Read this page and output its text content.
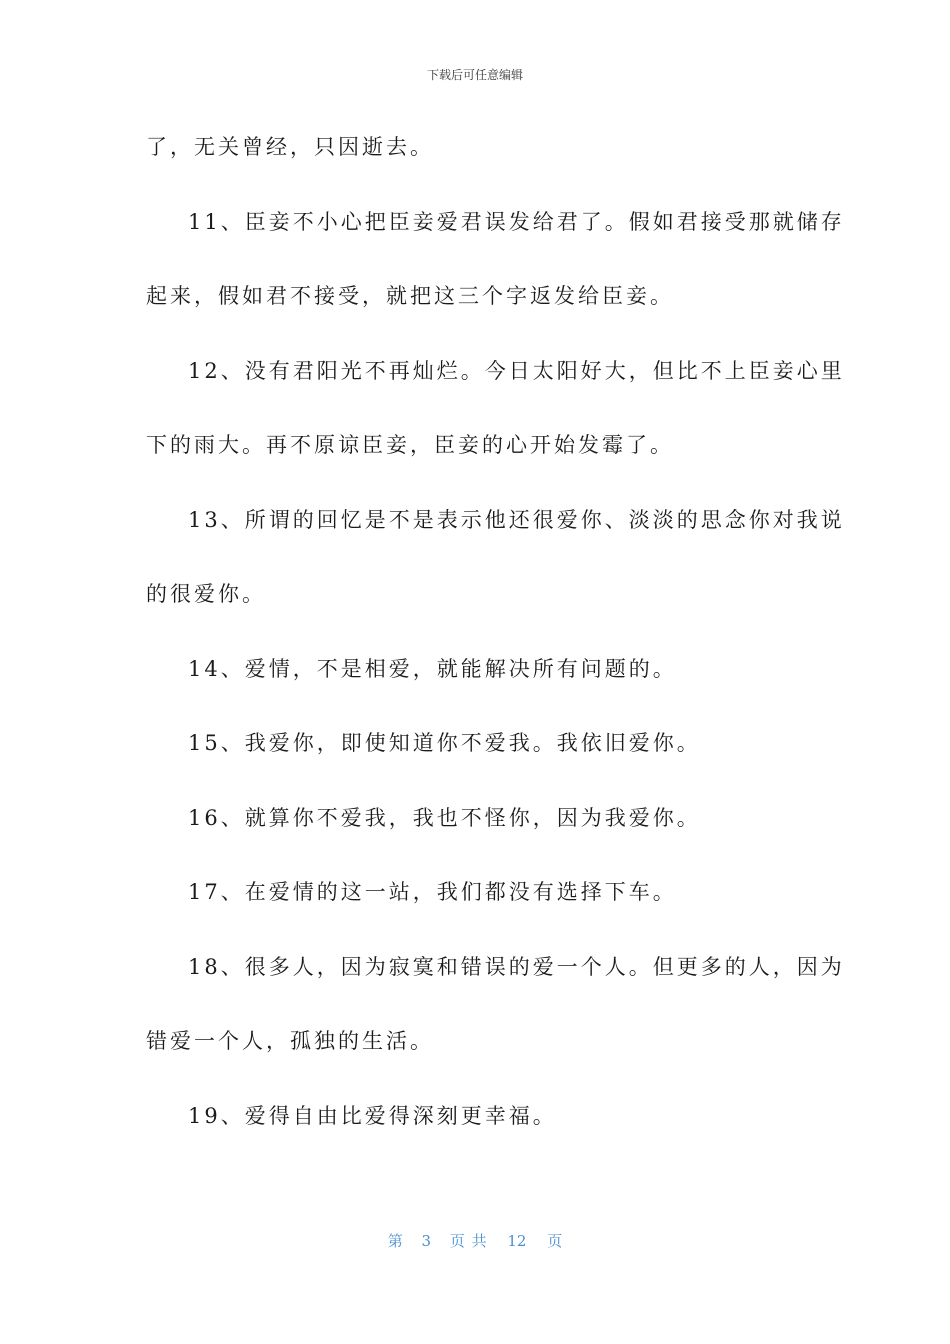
下载后可任意编辑

了，无关曾经，只因逝去。

11、臣妾不小心把臣妾爱君误发给君了。假如君接受那就储存

起来，假如君不接受，就把这三个字返发给臣妾。

12、没有君阳光不再灿烂。今日太阳好大，但比不上臣妾心里

下的雨大。再不原谅臣妾，臣妾的心开始发霉了。

13、所谓的回忆是不是表示他还很爱你、淡淡的思念你对我说

的很爱你。

14、爱情，不是相爱，就能解决所有问题的。

15、我爱你，即使知道你不爱我。我依旧爱你。

16、就算你不爱我，我也不怪你，因为我爱你。

17、在爱情的这一站，我们都没有选择下车。

18、很多人，因为寂寞和错误的爱一个人。但更多的人，因为

错爱一个人，孤独的生活。

19、爱得自由比爱得深刻更幸福。

第 3 页 共 12 页
